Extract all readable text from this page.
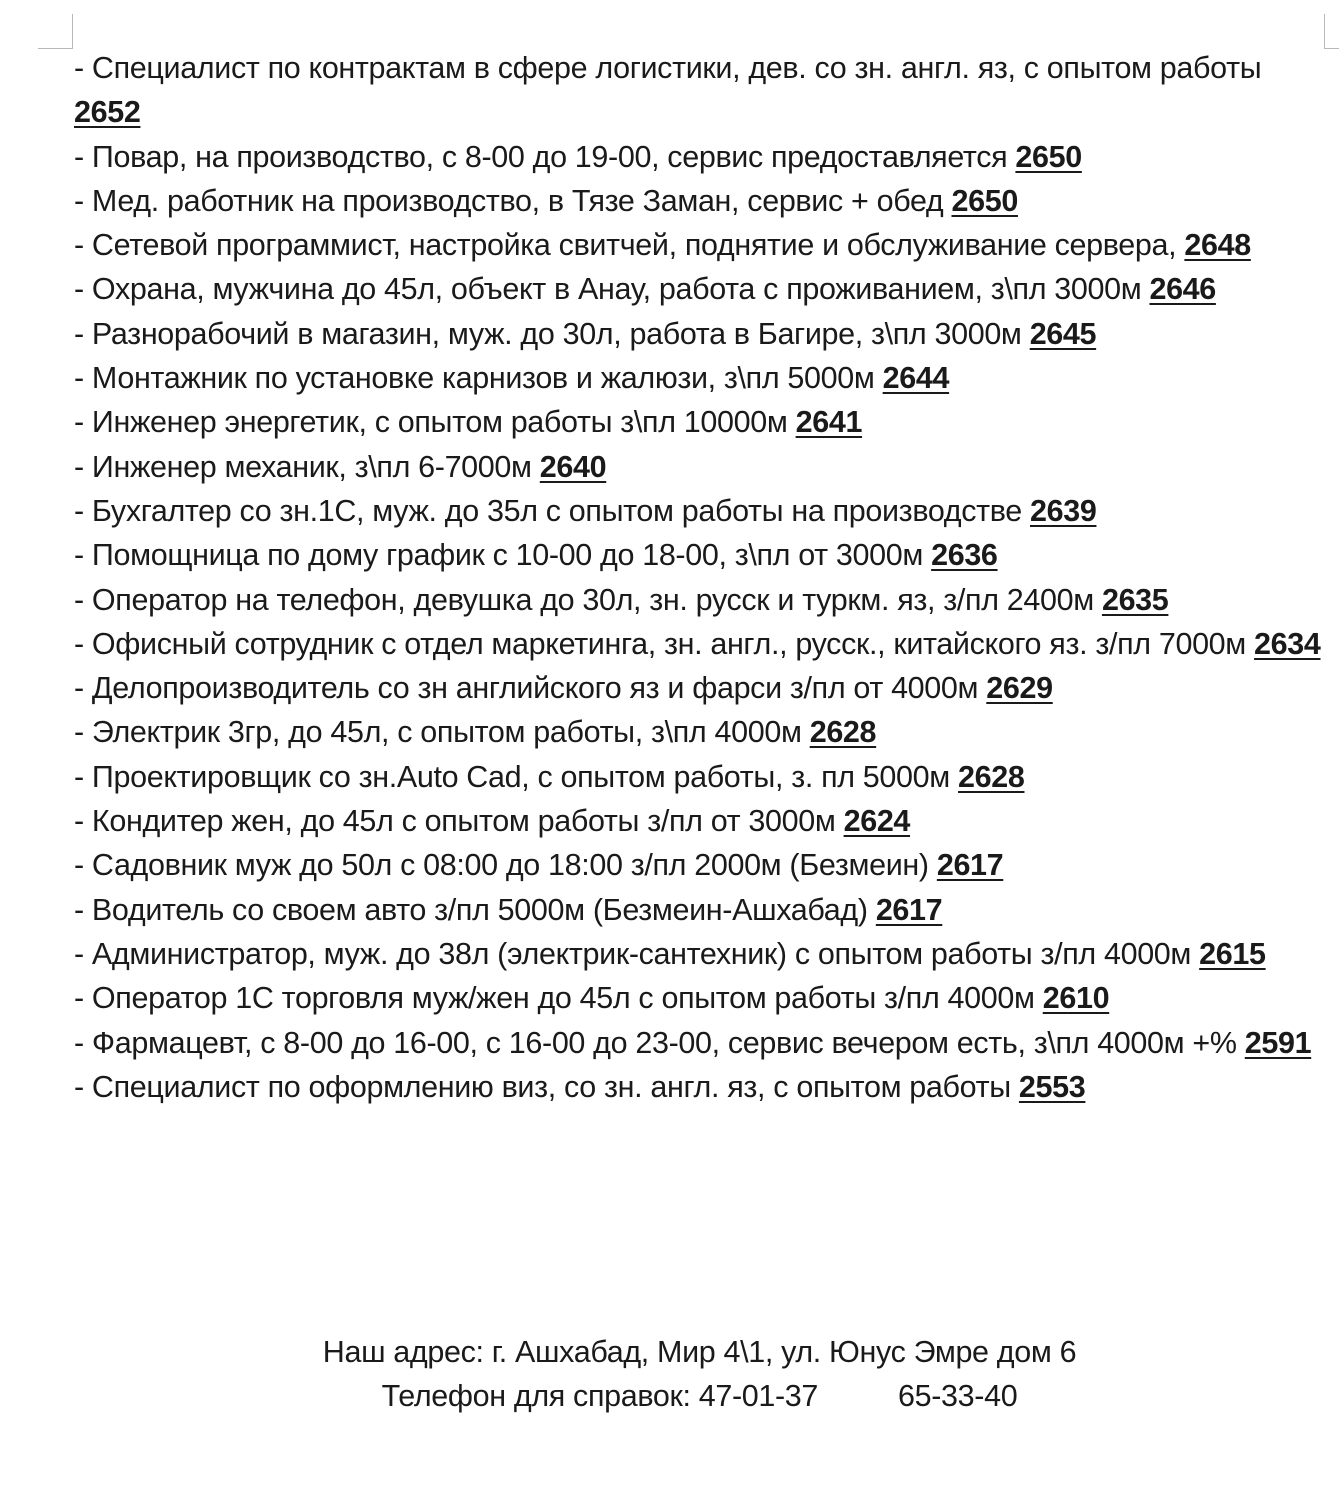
- Специалист по контрактам в сфере логистики, дев. со зн. англ. яз, с опытом работы 2652

- Повар, на производство, с 8-00 до 19-00, сервис предоставляется 2650

- Мед. работник на производство, в Тязе Заман, сервис + обед 2650

- Сетевой программист, настройка свитчей, поднятие и обслуживание сервера, 2648

- Охрана, мужчина до 45л, объект в Анау, работа с проживанием, з\пл 3000м 2646

- Разнорабочий в магазин, муж. до 30л, работа в Багире, з\пл 3000м 2645

- Монтажник по установке карнизов и жалюзи, з\пл 5000м 2644

- Инженер энергетик, с опытом работы з\пл 10000м 2641

- Инженер механик, з\пл 6-7000м 2640

- Бухгалтер со зн.1С, муж. до 35л с опытом работы на производстве 2639

- Помощница по дому график с 10-00 до 18-00, з\пл от 3000м 2636

- Оператор на телефон, девушка до 30л, зн. русск и туркм. яз, з/пл 2400м 2635

- Офисный сотрудник с отдел маркетинга, зн. англ., русск., китайского яз. з/пл 7000м 2634

- Делопроизводитель со зн английского яз и фарси з/пл от 4000м 2629

- Электрик 3гр, до 45л, с опытом работы, з\пл 4000м 2628

- Проектировщик со зн.Auto Cad, с опытом работы, з. пл 5000м 2628

- Кондитер жен, до 45л с опытом работы з/пл от 3000м 2624

- Садовник муж до 50л с 08:00 до 18:00 з/пл 2000м (Безмеин) 2617

- Водитель со своем авто з/пл 5000м (Безмеин-Ашхабад) 2617

- Администратор, муж. до 38л (электрик-сантехник) с опытом работы з/пл 4000м 2615

- Оператор 1С торговля муж/жен до 45л с опытом работы з/пл 4000м 2610

- Фармацевт, с 8-00 до 16-00, с 16-00 до 23-00, сервис вечером есть, з\пл 4000м +% 2591

- Специалист по оформлению виз, со зн. англ. яз, с опытом работы 2553

Наш адрес: г. Ашхабад, Мир 4\1, ул. Юнус Эмре дом 6
Телефон для справок: 47-01-37	65-33-40
